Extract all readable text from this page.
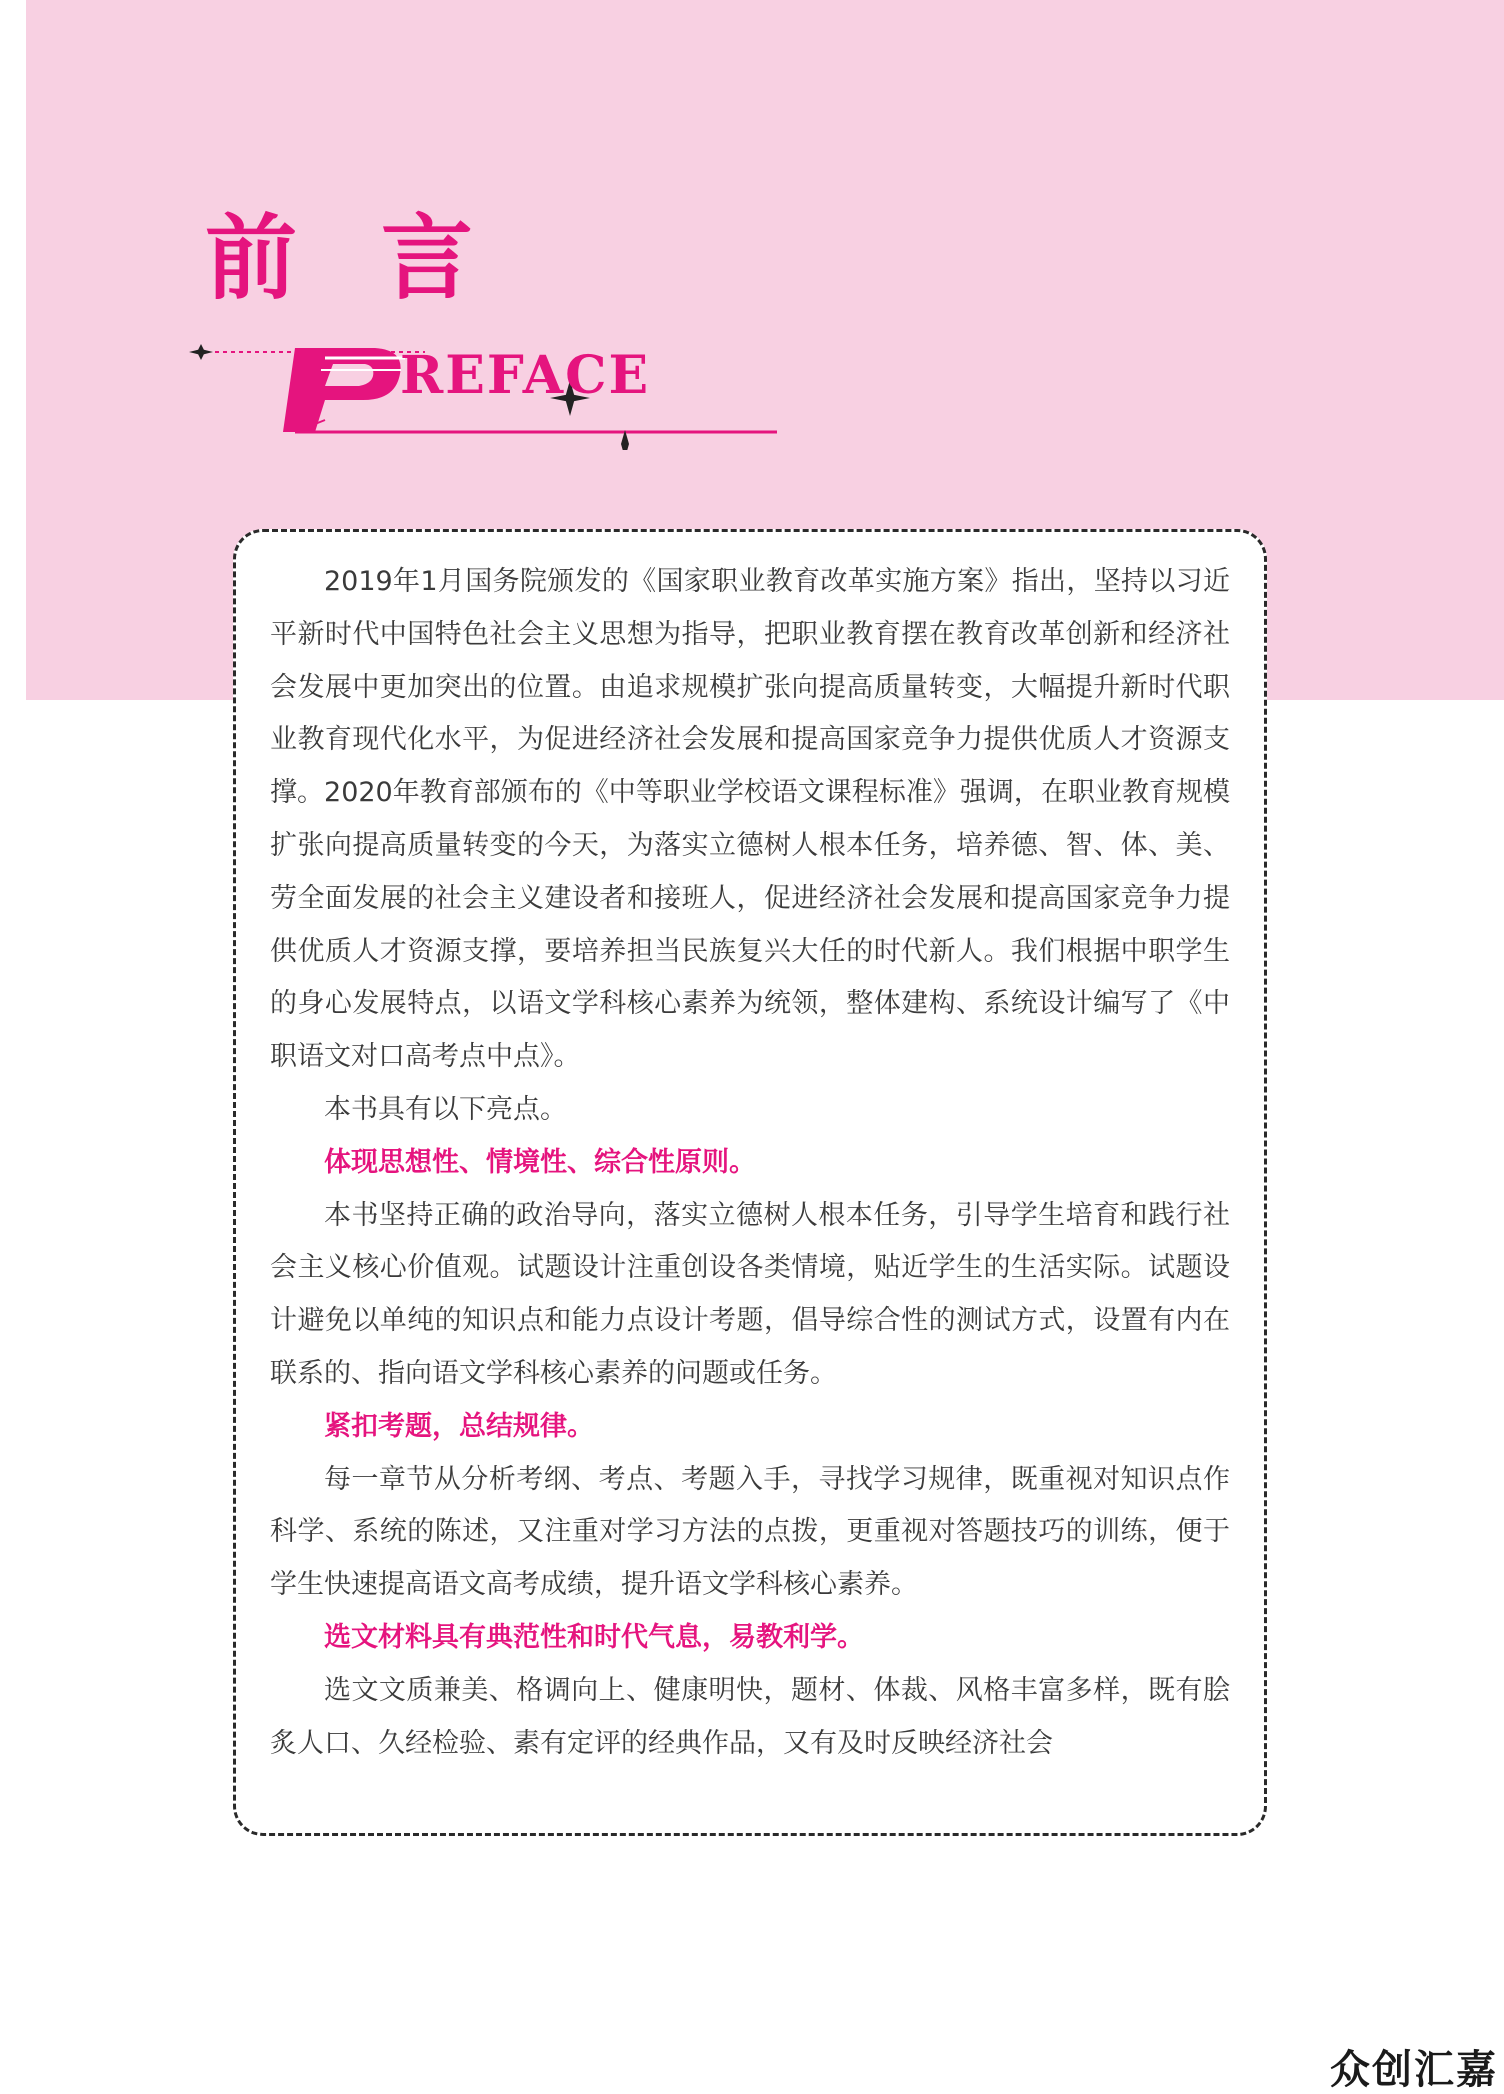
前 言
REFACE

2019年1月国务院颁发的《国家职业教育改革实施方案》指出，坚持以习近平新时代中国特色社会主义思想为指导，把职业教育摆在教育改革创新和经济社会发展中更加突出的位置。由追求规模扩张向提高质量转变，大幅提升新时代职业教育现代化水平，为促进经济社会发展和提高国家竞争力提供优质人才资源支撑。2020年教育部颁布的《中等职业学校语文课程标准》强调，在职业教育规模扩张向提高质量转变的今天，为落实立德树人根本任务，培养德、智、体、美、劳全面发展的社会主义建设者和接班人，促进经济社会发展和提高国家竞争力提供优质人才资源支撑，要培养担当民族复兴大任的时代新人。我们根据中职学生的身心发展特点，以语文学科核心素养为统领，整体建构、系统设计编写了《中职语文对口高考点中点》。

本书具有以下亮点。

体现思想性、情境性、综合性原则。

本书坚持正确的政治导向，落实立德树人根本任务，引导学生培育和践行社会主义核心价值观。试题设计注重创设各类情境，贴近学生的生活实际。试题设计避免以单纯的知识点和能力点设计考题，倡导综合性的测试方式，设置有内在联系的、指向语文学科核心素养的问题或任务。

紧扣考题，总结规律。

每一章节从分析考纲、考点、考题入手，寻找学习规律，既重视对知识点作科学、系统的陈述，又注重对学习方法的点拨，更重视对答题技巧的训练，便于学生快速提高语文高考成绩，提升语文学科核心素养。

选文材料具有典范性和时代气息，易教利学。

选文文质兼美、格调向上、健康明快，题材、体裁、风格丰富多样，既有脍炙人口、久经检验、素有定评的经典作品，又有及时反映经济社会

众创汇嘉
